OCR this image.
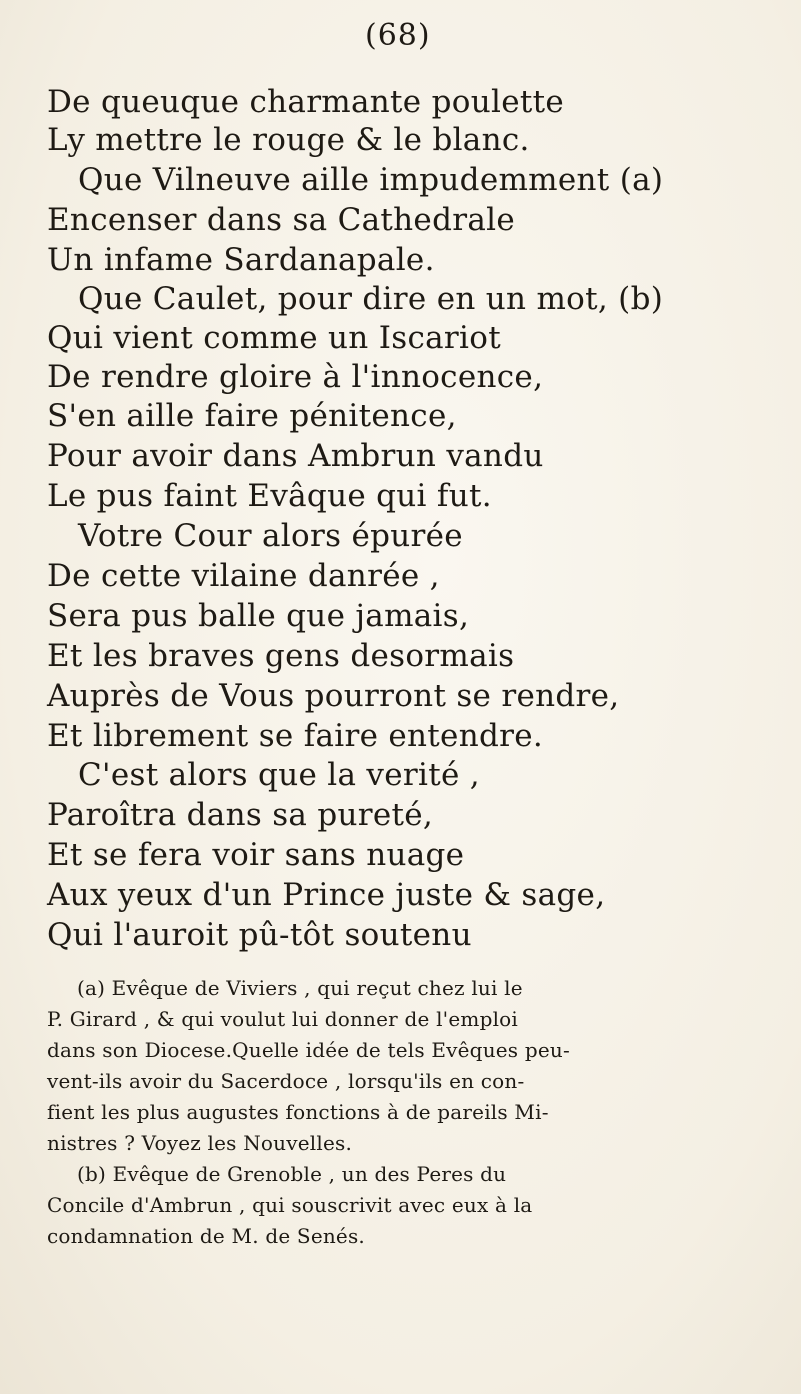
(68)
De queuque charmante poulette
Ly mettre le rouge & le blanc.
Que Vilneuve aille impudemment (a)
Encenser dans sa Cathedrale
Un infame Sardanapale.
Que Caulet, pour dire en un mot, (b)
Qui vient comme un Iscariot
De rendre gloire à l'innocence,
S'en aille faire pénitence,
Pour avoir dans Ambrun vandu
Le pus faint Evâque qui fut.
Votre Cour alors épurée
De cette vilaine danrée ,
Sera pus balle que jamais,
Et les braves gens desormais
Auprès de Vous pourront se rendre,
Et librement se faire entendre.
C'est alors que la verité ,
Paroîtra dans sa pureté,
Et se fera voir sans nuage
Aux yeux d'un Prince juste & sage,
Qui l'auroit pû-tôt soutenu
(a) Evêque de Viviers , qui reçut chez lui le
P. Girard , & qui voulut lui donner de l'emploi
dans son Diocese.Quelle idée de tels Evêques peu-
vent-ils avoir du Sacerdoce , lorsqu'ils en con-
fient les plus augustes fonctions à de pareils Mi-
nistres ? Voyez les Nouvelles.
(b) Evêque de Grenoble , un des Peres du
Concile d'Ambrun , qui souscrivit avec eux à la
condamnation de M. de Senés.
